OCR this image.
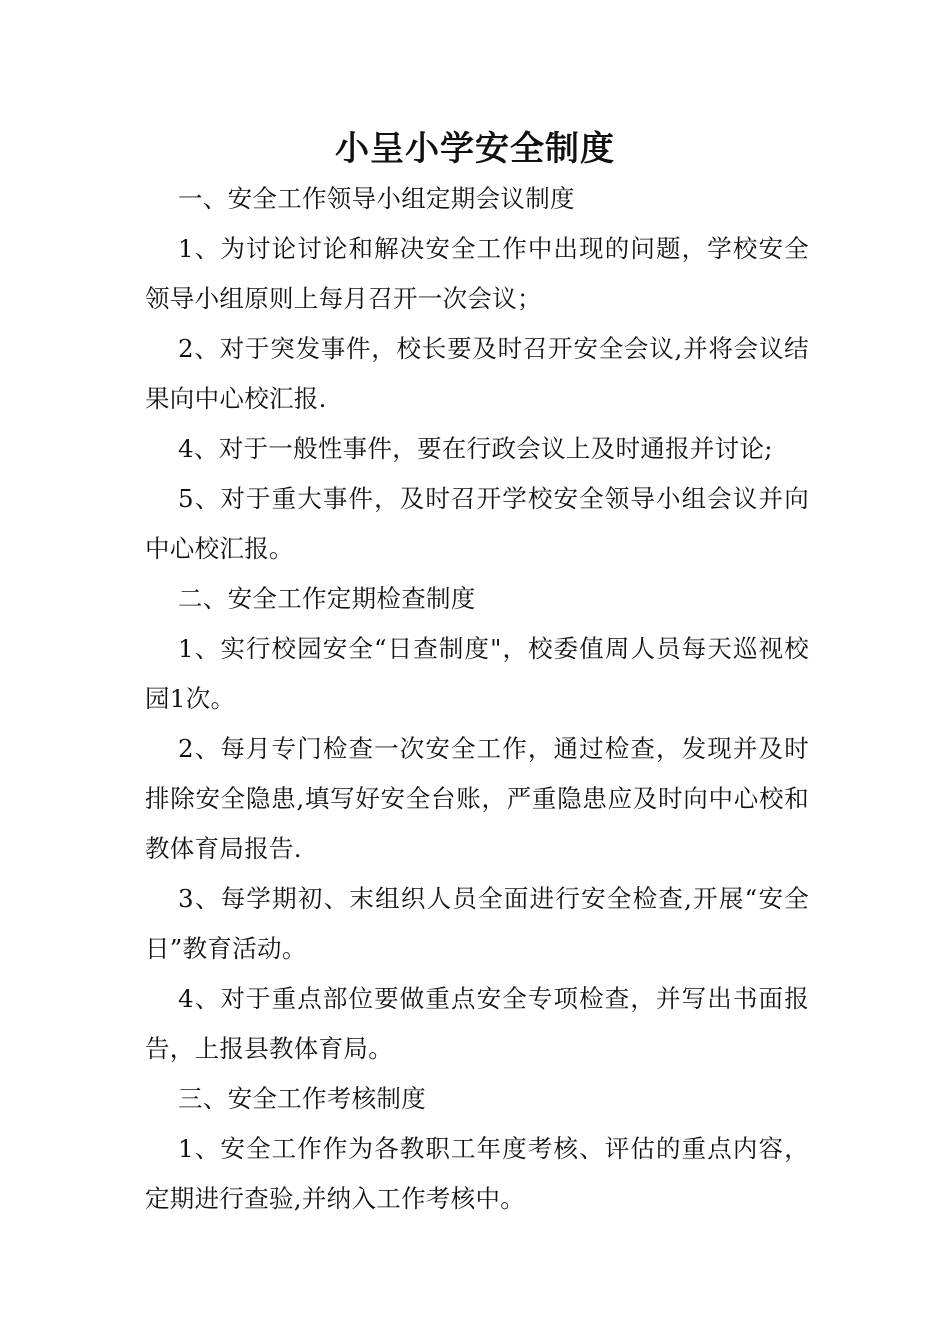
小呈小学安全制度

一、安全工作领导小组定期会议制度

1、为讨论讨论和解决安全工作中出现的问题，学校安全领导小组原则上每月召开一次会议；

2、对于突发事件，校长要及时召开安全会议,并将会议结果向中心校汇报.

4、对于一般性事件，要在行政会议上及时通报并讨论;

5、对于重大事件，及时召开学校安全领导小组会议并向中心校汇报。

二、安全工作定期检查制度

1、实行校园安全“日查制度"，校委值周人员每天巡视校园1次。

2、每月专门检查一次安全工作，通过检查，发现并及时排除安全隐患,填写好安全台账，严重隐患应及时向中心校和教体育局报告.

3、每学期初、末组织人员全面进行安全检查,开展“安全日”教育活动。

4、对于重点部位要做重点安全专项检查，并写出书面报告，上报县教体育局。

三、安全工作考核制度

1、安全工作作为各教职工年度考核、评估的重点内容，定期进行查验,并纳入工作考核中。
